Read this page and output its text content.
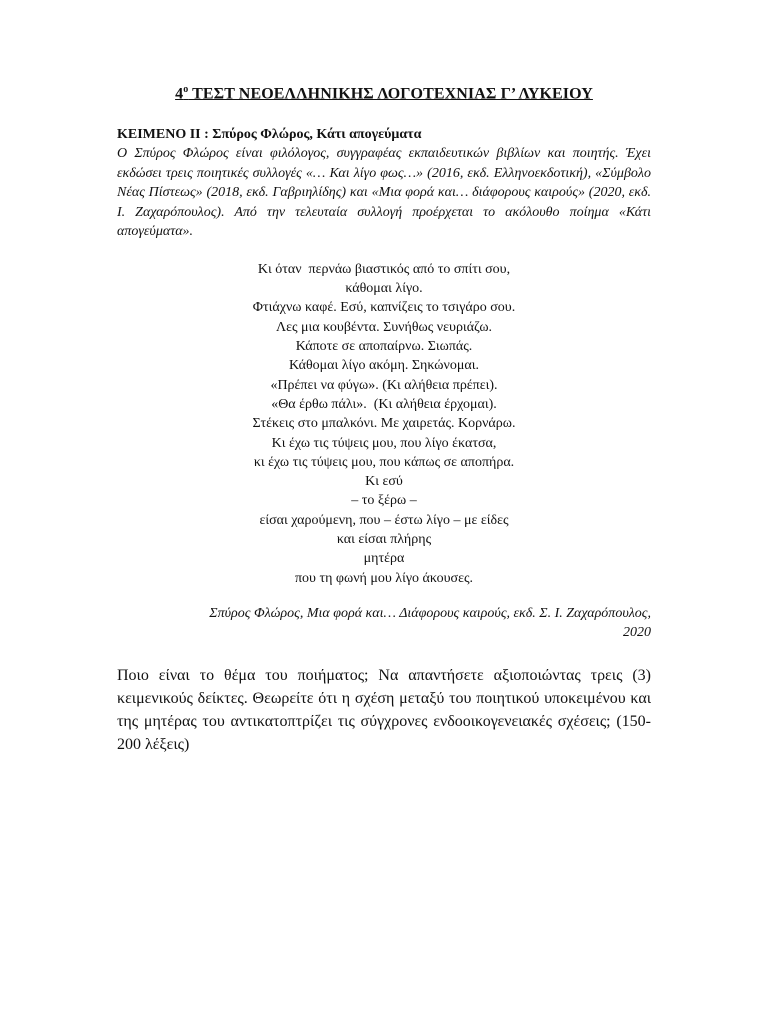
$4^o$ ΤΕΣΤ ΝΕΟΕΛΛΗΝΙΚΗΣ ΛΟΓΟΤΕΧΝΙΑΣ Γ’ ΛΥΚΕΙΟΥ

ΚΕΙΜΕΝΟ ΙΙ : Σπύρος Φλώρος, Κάτι απογεύματα

Ο Σπύρος Φλώρος είναι φιλόλογος, συγγραφέας εκπαιδευτικών βιβλίων και ποιητής. Έχει εκδώσει τρεις ποιητικές συλλογές «… Και λίγο φως…» (2016, εκδ. Ελληνοεκδοτική), «Σύμβολο Νέας Πίστεως» (2018, εκδ. Γαβριηλίδης) και «Μια φορά και… διάφορους καιρούς» (2020, εκδ. Ι. Ζαχαρόπουλος). Από την τελευταία συλλογή προέρχεται το ακόλουθο ποίημα «Κάτι απογεύματα».

Κι όταν  περνάω βιαστικός από το σπίτι σου,
κάθομαι λίγο.
Φτιάχνω καφέ. Εσύ, καπνίζεις το τσιγάρο σου.
Λες μια κουβέντα. Συνήθως νευριάζω.
Κάποτε σε αποπαίρνω. Σιωπάς.
Κάθομαι λίγο ακόμη. Σηκώνομαι.
«Πρέπει να φύγω». (Κι αλήθεια πρέπει).
«Θα έρθω πάλι».  (Κι αλήθεια έρχομαι).
Στέκεις στο μπαλκόνι. Με χαιρετάς. Κορνάρω.
Κι έχω τις τύψεις μου, που λίγο έκατσα,
κι έχω τις τύψεις μου, που κάπως σε αποπήρα.
Κι εσύ
– το ξέρω –
είσαι χαρούμενη, που – έστω λίγο – με είδες
και είσαι πλήρης
μητέρα
που τη φωνή μου λίγο άκουσες.
Σπύρος Φλώρος, Μια φορά και… Διάφορους καιρούς, εκδ. Σ. Ι. Ζαχαρόπουλος,
2020

Ποιο είναι το θέμα του ποιήματος; Να απαντήσετε αξιοποιώντας τρεις (3) κειμενικούς δείκτες. Θεωρείτε ότι η σχέση μεταξύ του ποιητικού υποκειμένου και της μητέρας του αντικατοπτρίζει τις σύγχρονες ενδοοικογενειακές σχέσεις; (150-200 λέξεις)
